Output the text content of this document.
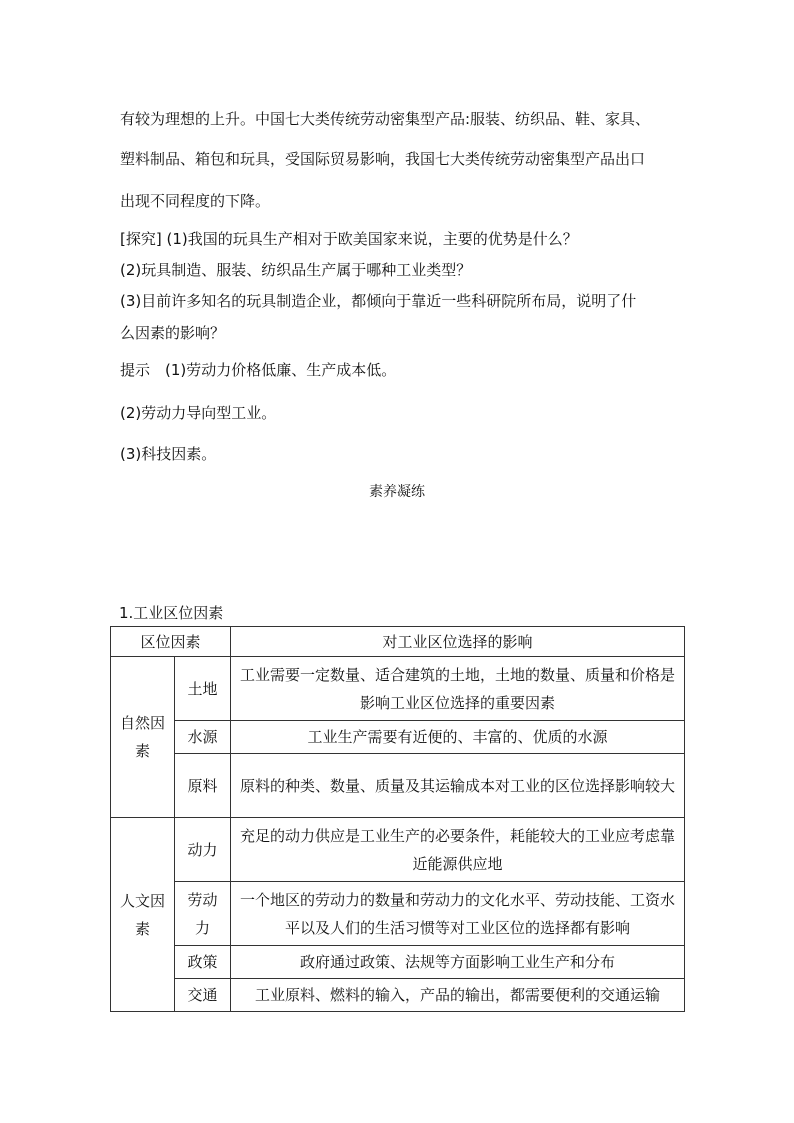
有较为理想的上升。中国七大类传统劳动密集型产品:服装、纺织品、鞋、家具、
塑料制品、箱包和玩具，受国际贸易影响，我国七大类传统劳动密集型产品出口
出现不同程度的下降。
[探究] (1)我国的玩具生产相对于欧美国家来说，主要的优势是什么？
(2)玩具制造、服装、纺织品生产属于哪种工业类型？
(3)目前许多知名的玩具制造企业，都倾向于靠近一些科研院所布局，说明了什
么因素的影响？
提示　(1)劳动力价格低廉、生产成本低。
(2)劳动力导向型工业。
(3)科技因素。
素养凝练
1.工业区位因素
区位因素		对工业区位选择的影响
自然因素	土地	工业需要一定数量、适合建筑的土地，土地的数量、质量和价格是影响工业区位选择的重要因素
	水源	工业生产需要有近便的、丰富的、优质的水源
	原料	原料的种类、数量、质量及其运输成本对工业的区位选择影响较大
人文因素	动力	充足的动力供应是工业生产的必要条件，耗能较大的工业应考虑靠近能源供应地
	劳动力	一个地区的劳动力的数量和劳动力的文化水平、劳动技能、工资水平以及人们的生活习惯等对工业区位的选择都有影响
	政策	政府通过政策、法规等方面影响工业生产和分布
	交通	工业原料、燃料的输入，产品的输出，都需要便利的交通运输
